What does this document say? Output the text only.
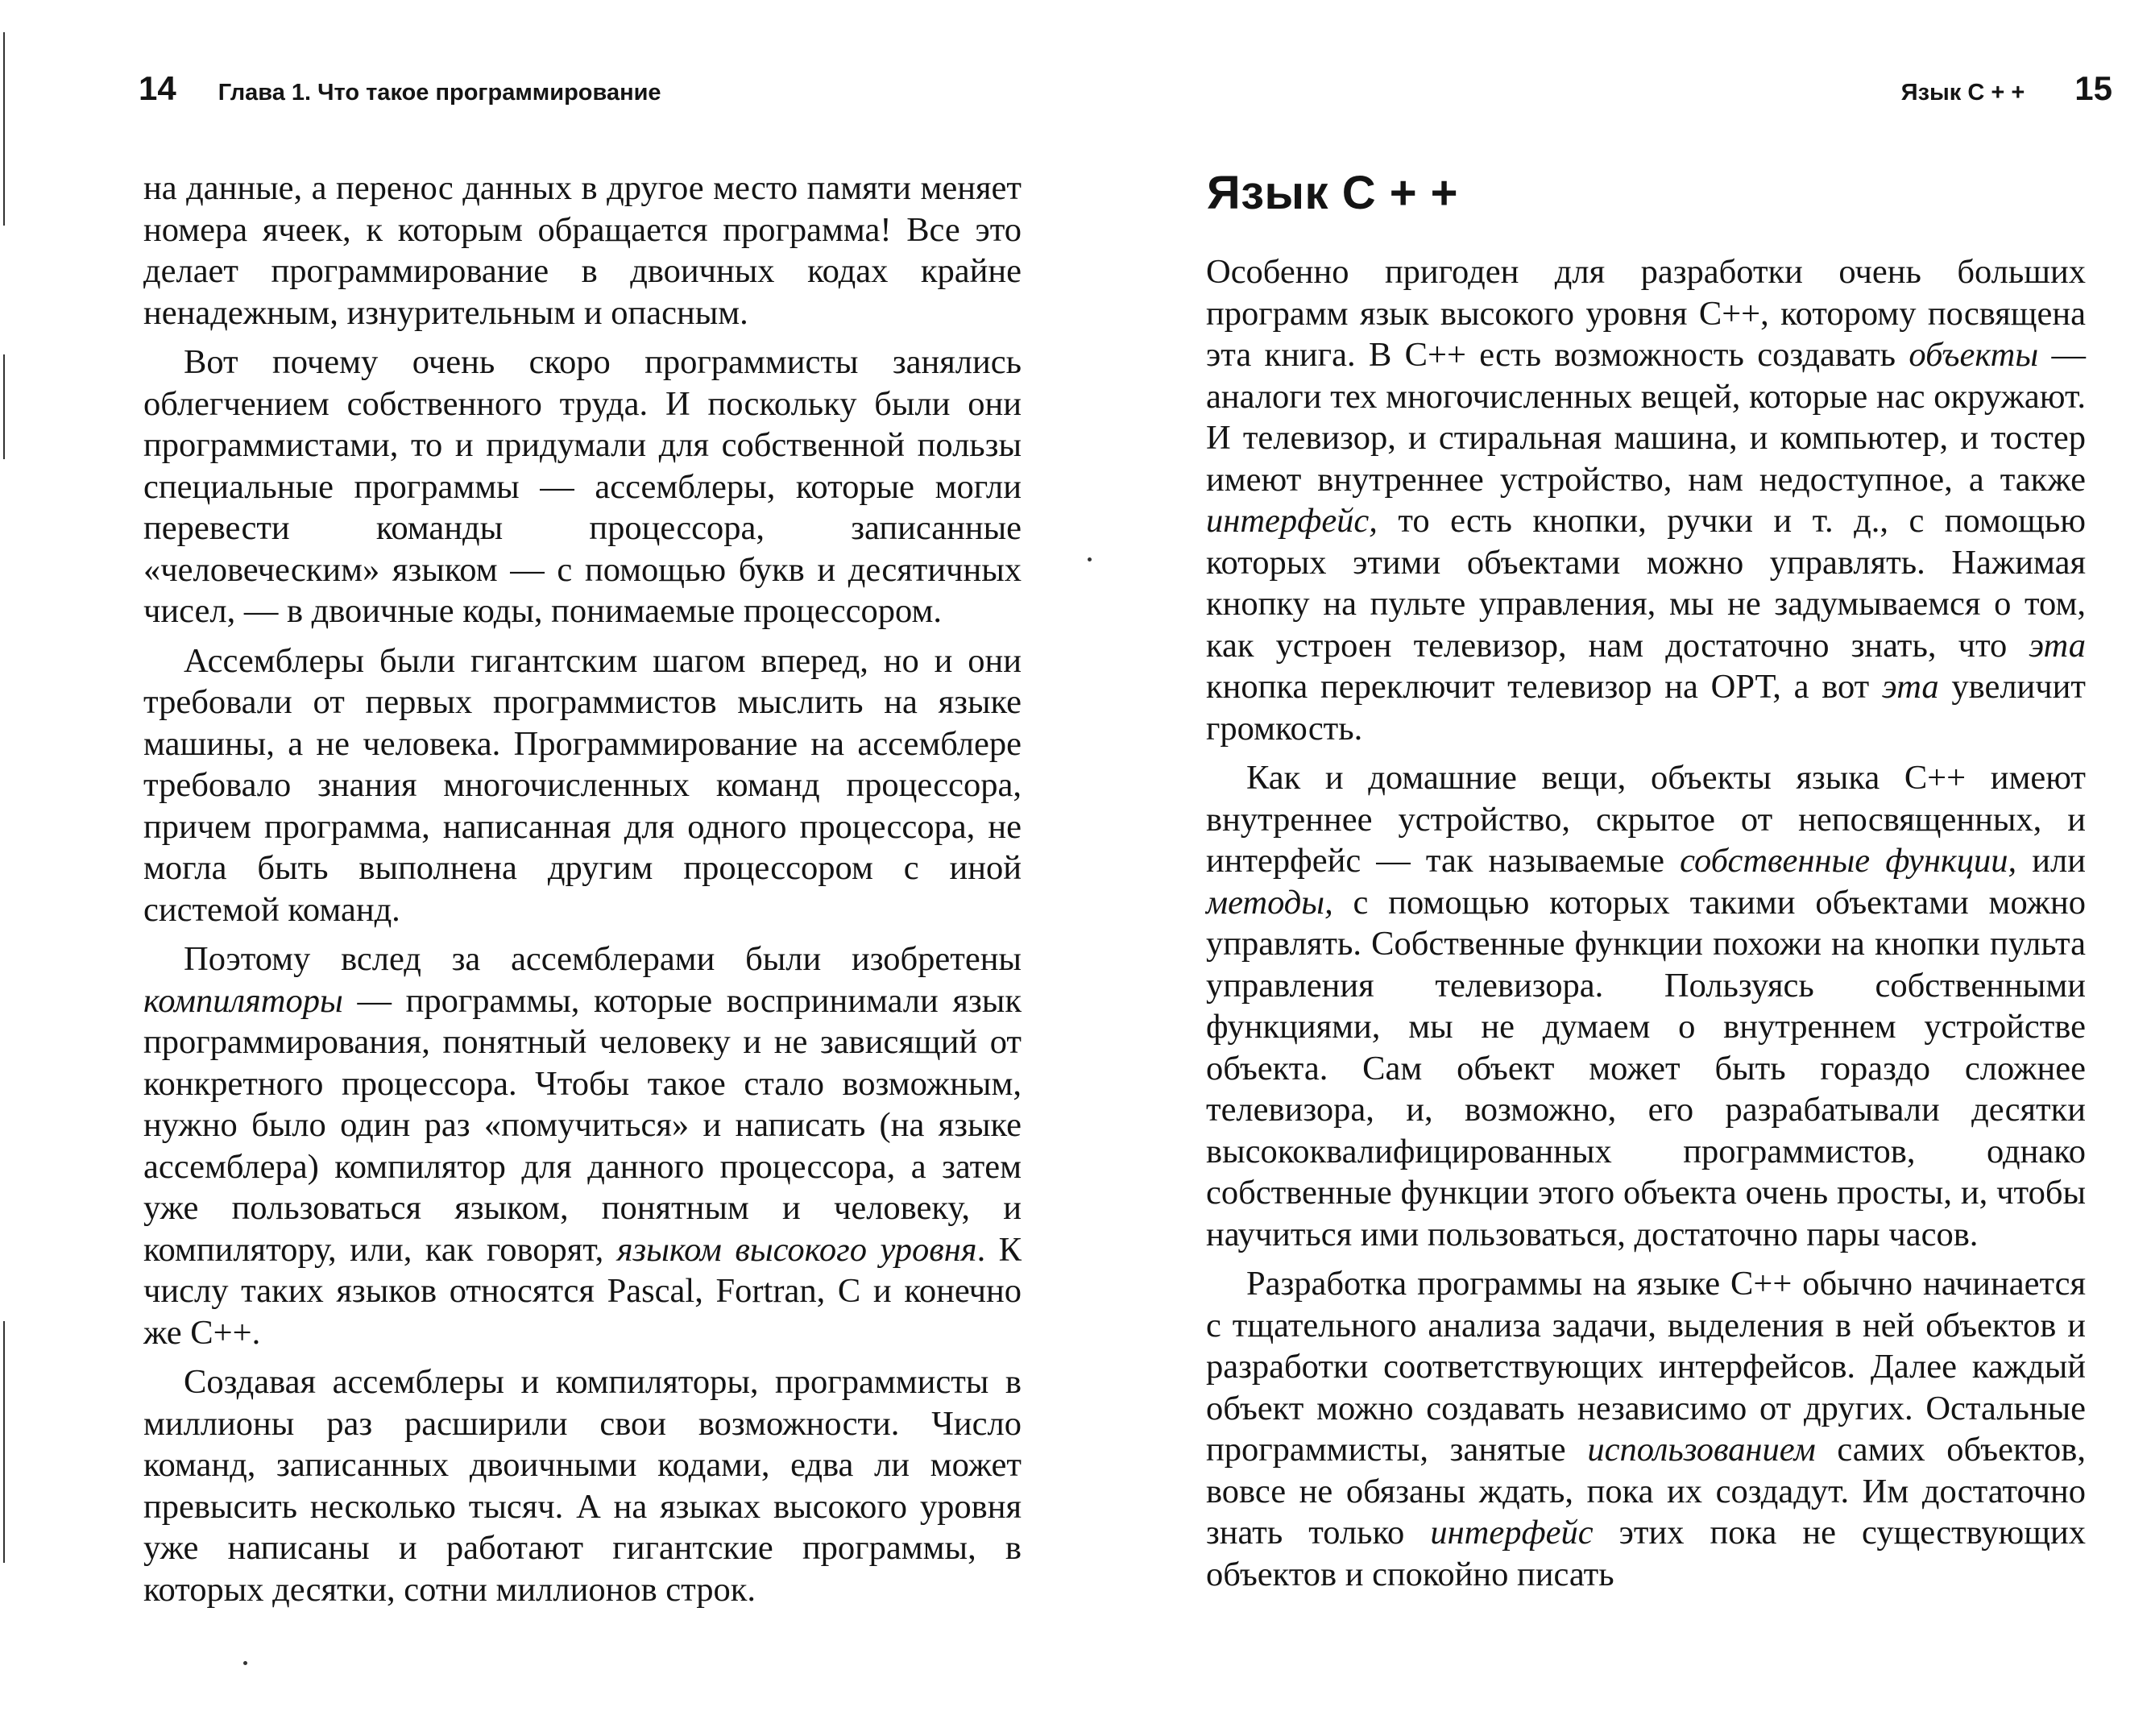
14 Глава 1. Что такое программирование

на данные, а перенос данных в другое место памяти меняет номера ячеек, к которым обращается программа! Все это делает программирование в двоичных кодах крайне ненадежным, изнурительным и опасным.

Вот почему очень скоро программисты занялись облегчением собственного труда. И поскольку были они программистами, то и придумали для собственной пользы специальные программы — ассемблеры, которые могли перевести команды процессора, записанные «человеческим» языком — с помощью букв и десятичных чисел, — в двоичные коды, понимаемые процессором.

Ассемблеры были гигантским шагом вперед, но и они требовали от первых программистов мыслить на языке машины, а не человека. Программирование на ассемблере требовало знания многочисленных команд процессора, причем программа, написанная для одного процессора, не могла быть выполнена другим процессором с иной системой команд.

Поэтому вслед за ассемблерами были изобретены компиляторы — программы, которые воспринимали язык программирования, понятный человеку и не зависящий от конкретного процессора. Чтобы такое стало возможным, нужно было один раз «помучиться» и написать (на языке ассемблера) компилятор для данного процессора, а затем уже пользоваться языком, понятным и человеку, и компилятору, или, как говорят, языком высокого уровня. К числу таких языков относятся Pascal, Fortran, С и конечно же С++.

Создавая ассемблеры и компиляторы, программисты в миллионы раз расширили свои возможности. Число команд, записанных двоичными кодами, едва ли может превысить несколько тысяч. А на языках высокого уровня уже написаны и работают гигантские программы, в которых десятки, сотни миллионов строк.

Язык С + + 15
Язык С + +

Особенно пригоден для разработки очень больших программ язык высокого уровня С++, которому посвящена эта книга. В С++ есть возможность создавать объекты — аналоги тех многочисленных вещей, которые нас окружают. И телевизор, и стиральная машина, и компьютер, и тостер имеют внутреннее устройство, нам недоступное, а также интерфейс, то есть кнопки, ручки и т. д., с помощью которых этими объектами можно управлять. Нажимая кнопку на пульте управления, мы не задумываемся о том, как устроен телевизор, нам достаточно знать, что эта кнопка переключит телевизор на ОРТ, а вот эта увеличит громкость.

Как и домашние вещи, объекты языка С++ имеют внутреннее устройство, скрытое от непосвященных, и интерфейс — так называемые собственные функции, или методы, с помощью которых такими объектами можно управлять. Собственные функции похожи на кнопки пульта управления телевизора. Пользуясь собственными функциями, мы не думаем о внутреннем устройстве объекта. Сам объект может быть гораздо сложнее телевизора, и, возможно, его разрабатывали десятки высококвалифицированных программистов, однако собственные функции этого объекта очень просты, и, чтобы научиться ими пользоваться, достаточно пары часов.

Разработка программы на языке С++ обычно начинается с тщательного анализа задачи, выделения в ней объектов и разработки соответствующих интерфейсов. Далее каждый объект можно создавать независимо от других. Остальные программисты, занятые использованием самих объектов, вовсе не обязаны ждать, пока их создадут. Им достаточно знать только интерфейс этих пока не существующих объектов и спокойно писать
